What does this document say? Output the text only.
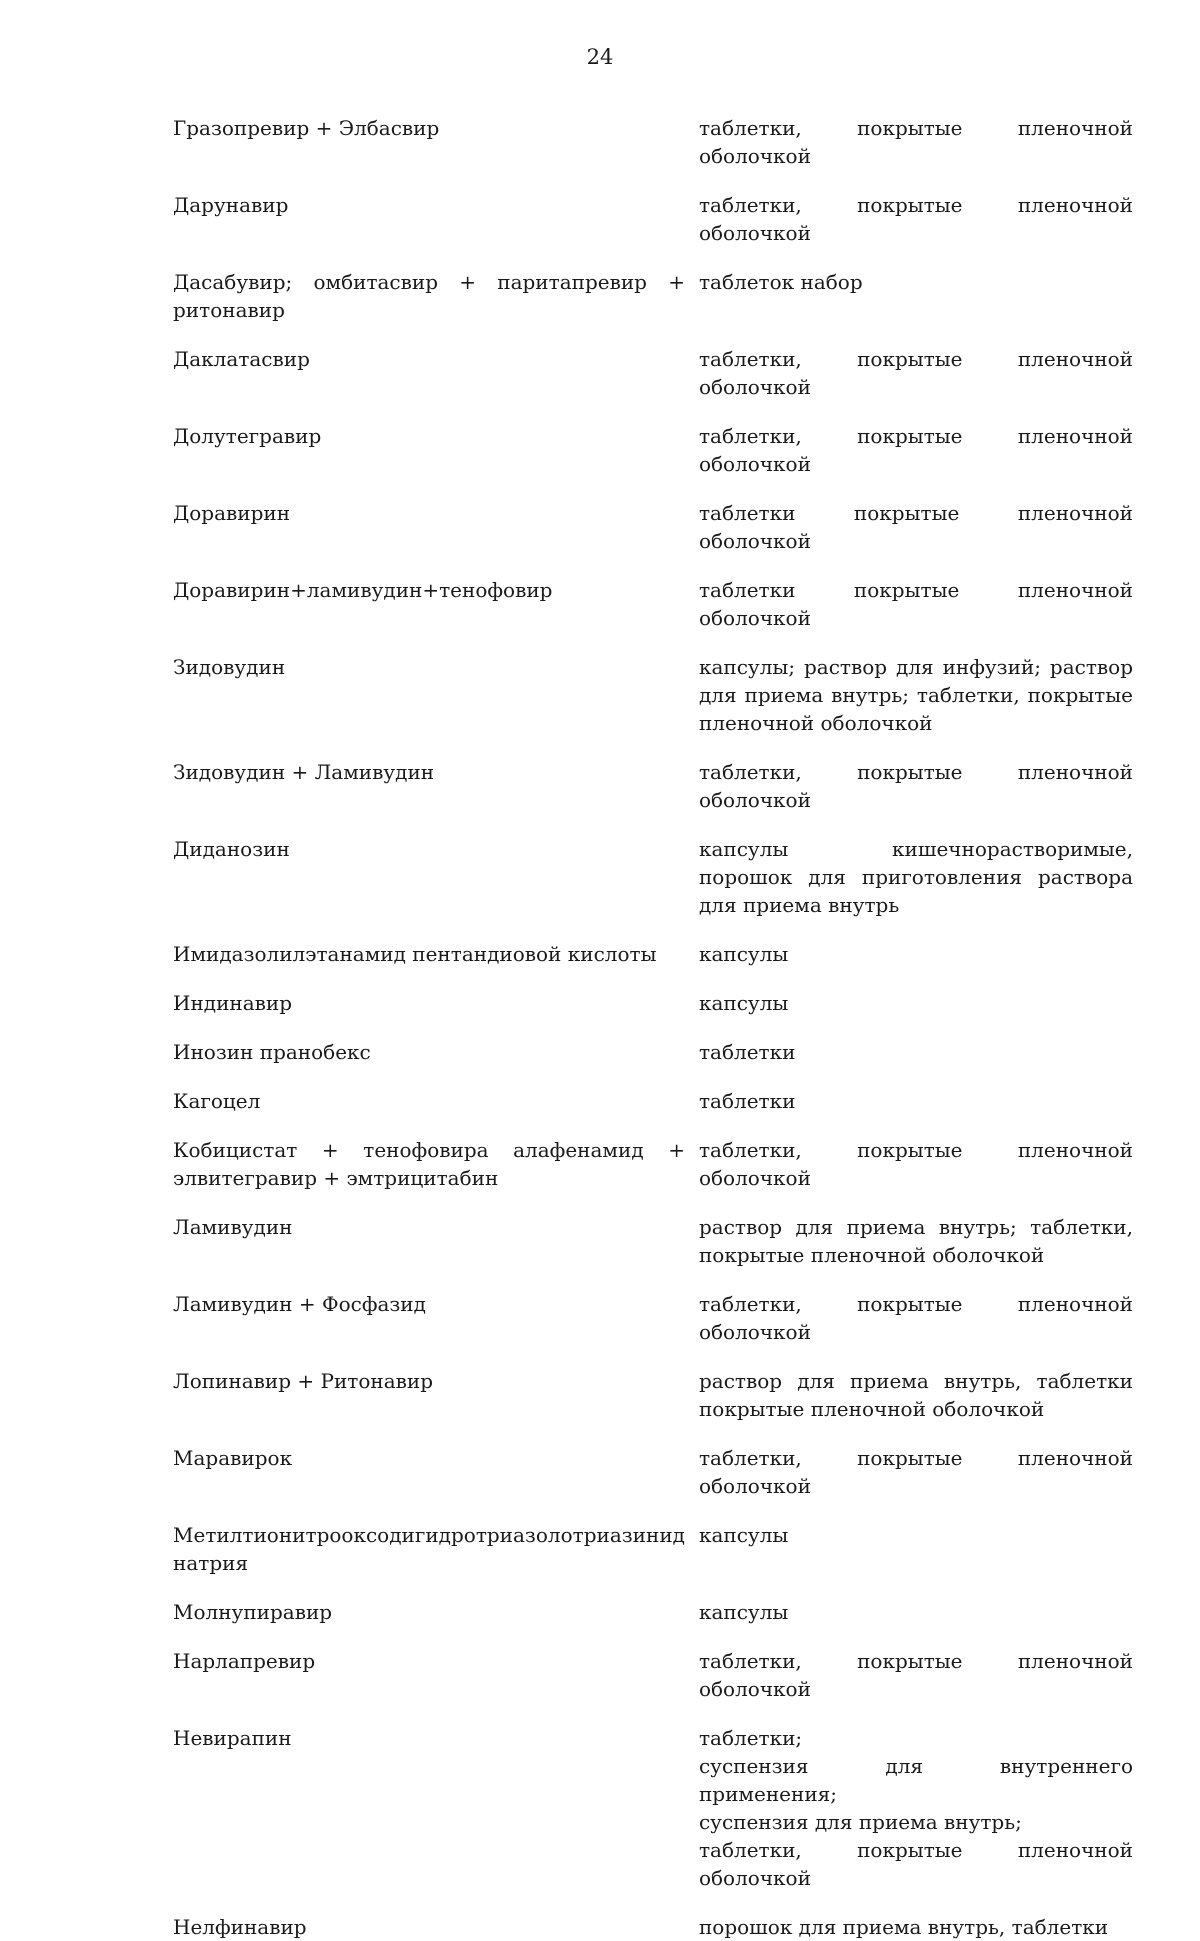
24
Гразопревир + Элбасвир	таблетки, покрытые пленочной оболочкой
Дарунавир	таблетки, покрытые пленочной оболочкой
Дасабувир; омбитасвир + паритапревир + ритонавир	таблеток набор
Даклатасвир	таблетки, покрытые пленочной оболочкой
Долутегравир	таблетки, покрытые пленочной оболочкой
Доравирин	таблетки покрытые пленочной оболочкой
Доравирин+ламивудин+тенофовир	таблетки покрытые пленочной оболочкой
Зидовудин	капсулы; раствор для инфузий; раствор для приема внутрь; таблетки, покрытые пленочной оболочкой
Зидовудин + Ламивудин	таблетки, покрытые пленочной оболочкой
Диданозин	капсулы кишечнорастворимые, порошок для приготовления раствора для приема внутрь
Имидазолилэтанамид пентандиовой кислоты	капсулы
Индинавир	капсулы
Инозин пранобекс	таблетки
Кагоцел	таблетки
Кобицистат + тенофовира алафенамид + элвитегравир + эмтрицитабин	таблетки, покрытые пленочной оболочкой
Ламивудин	раствор для приема внутрь; таблетки, покрытые пленочной оболочкой
Ламивудин + Фосфазид	таблетки, покрытые пленочной оболочкой
Лопинавир + Ритонавир	раствор для приема внутрь, таблетки покрытые пленочной оболочкой
Маравирок	таблетки, покрытые пленочной оболочкой
Метилтионитрооксодигидротриазолотриазинид натрия	капсулы
Молнупиравир	капсулы
Нарлапревир	таблетки, покрытые пленочной оболочкой
Невирапин	таблетки;
суспензия для внутреннего применения;
суспензия для приема внутрь;
таблетки, покрытые пленочной оболочкой

Нелфинавир	порошок для приема внутрь, таблетки
